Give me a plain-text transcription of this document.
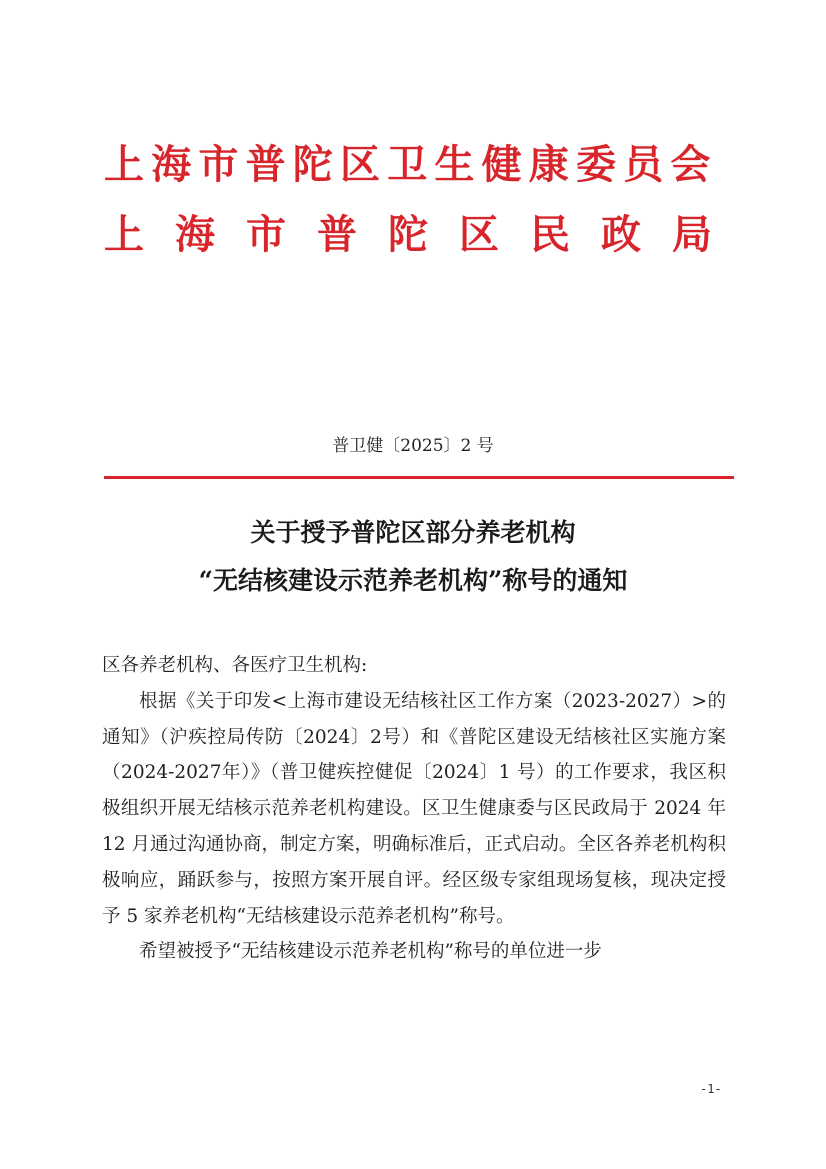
上海市普陀区卫生健康委员会
上海市普陀区民政局
普卫健〔2025〕2 号
关于授予普陀区部分养老机构
“无结核建设示范养老机构”称号的通知

区各养老机构、各医疗卫生机构:

根据《关于印发<上海市建设无结核社区工作方案（2023-2027）>的通知》（沪疾控局传防〔2024〕2号）和《普陀区建设无结核社区实施方案（2024-2027年）》（普卫健疾控健促〔2024〕1 号）的工作要求，我区积极组织开展无结核示范养老机构建设。区卫生健康委与区民政局于 2024 年 12 月通过沟通协商，制定方案，明确标准后，正式启动。全区各养老机构积极响应，踊跃参与，按照方案开展自评。经区级专家组现场复核，现决定授予 5 家养老机构“无结核建设示范养老机构”称号。

希望被授予“无结核建设示范养老机构”称号的单位进一步

-1-
